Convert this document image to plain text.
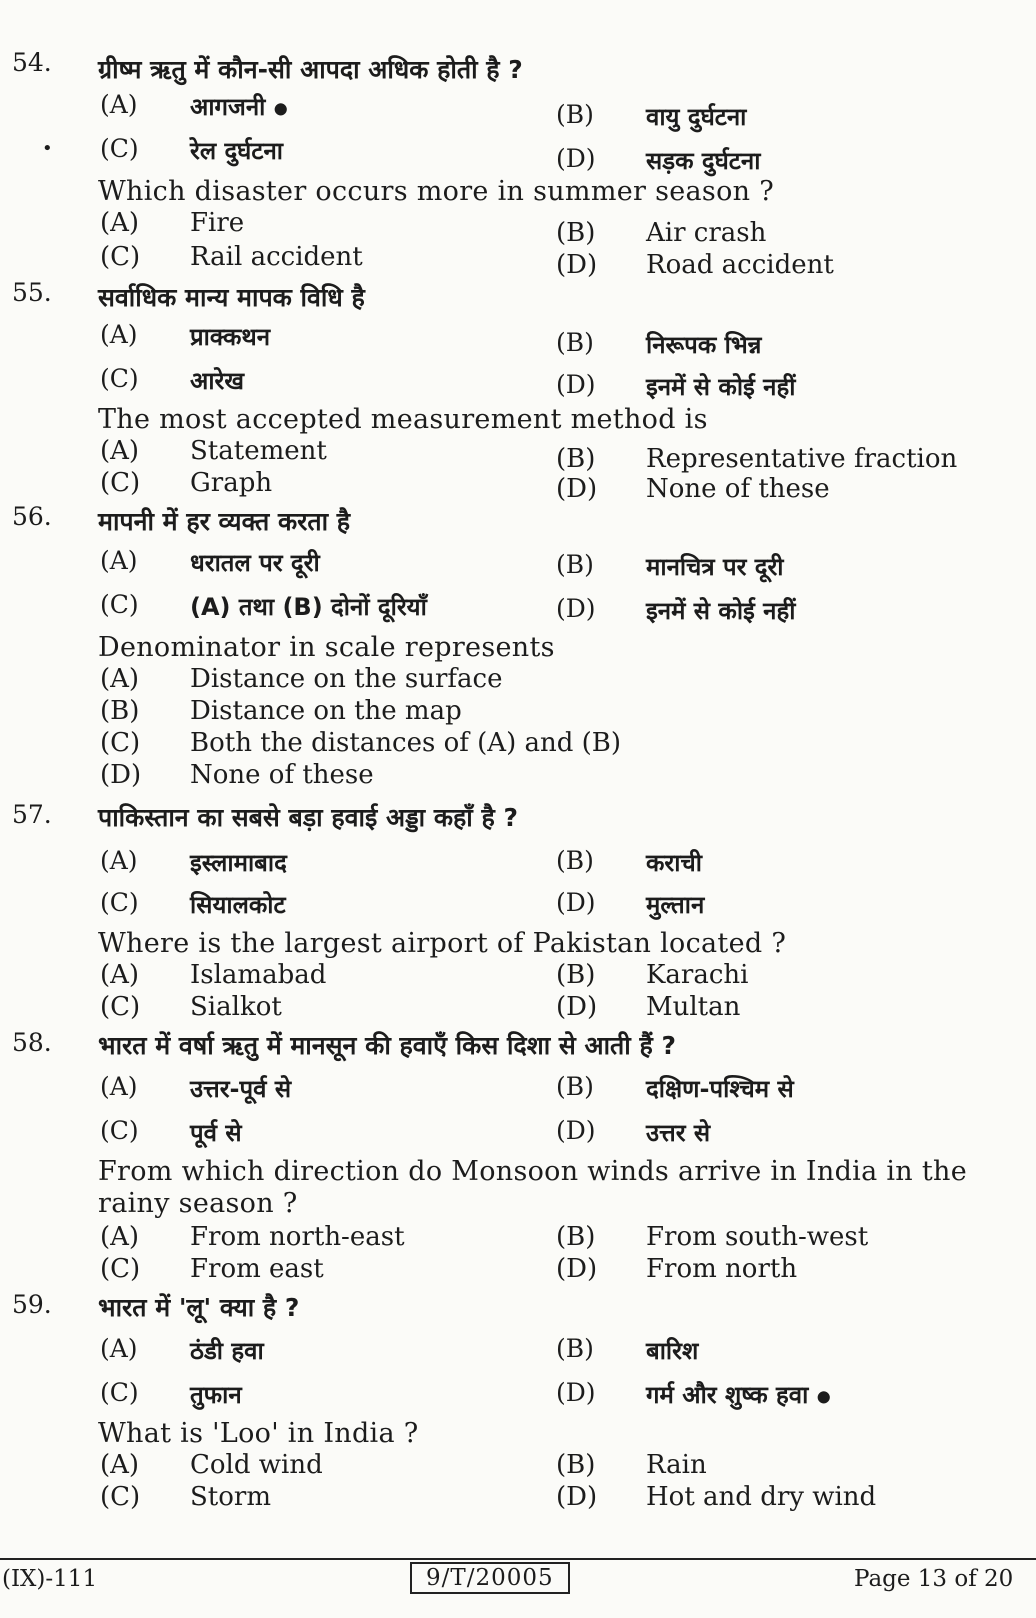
54. ग्रीष्म ऋतु में कौन-सी आपदा अधिक होती है ?
(A) आगजनी ●	(B) वायु दुर्घटना
(C) रेल दुर्घटना	(D) सड़क दुर्घटना
Which disaster occurs more in summer season ?
(A) Fire	(B) Air crash
(C) Rail accident	(D) Road accident
55. सर्वाधिक मान्य मापक विधि है
(A) प्राक्कथन	(B) निरूपक भिन्न
(C) आरेख	(D) इनमें से कोई नहीं
The most accepted measurement method is
(A) Statement	(B) Representative fraction
(C) Graph	(D) None of these
56. मापनी में हर व्यक्त करता है
(A) धरातल पर दूरी	(B) मानचित्र पर दूरी
(C) (A) तथा (B) दोनों दूरियाँ	(D) इनमें से कोई नहीं
Denominator in scale represents
(A) Distance on the surface
(B) Distance on the map
(C) Both the distances of (A) and (B)
(D) None of these
57. पाकिस्तान का सबसे बड़ा हवाई अड्डा कहाँ है ?
(A) इस्लामाबाद	(B) कराची
(C) सियालकोट	(D) मुल्तान
Where is the largest airport of Pakistan located ?
(A) Islamabad	(B) Karachi
(C) Sialkot	(D) Multan
58. भारत में वर्षा ऋतु में मानसून की हवाएँ किस दिशा से आती हैं ?
(A) उत्तर-पूर्व से	(B) दक्षिण-पश्चिम से
(C) पूर्व से	(D) उत्तर से
From which direction do Monsoon winds arrive in India in the
rainy season ?
(A) From north-east	(B) From south-west
(C) From east	(D) From north
59. भारत में 'लू' क्या है ?
(A) ठंडी हवा	(B) बारिश
(C) तुफान	(D) गर्म और शुष्क हवा ●
What is 'Loo' in India ?
(A) Cold wind	(B) Rain
(C) Storm	(D) Hot and dry wind
•
(IX)-111	9/T/20005	Page 13 of 20
